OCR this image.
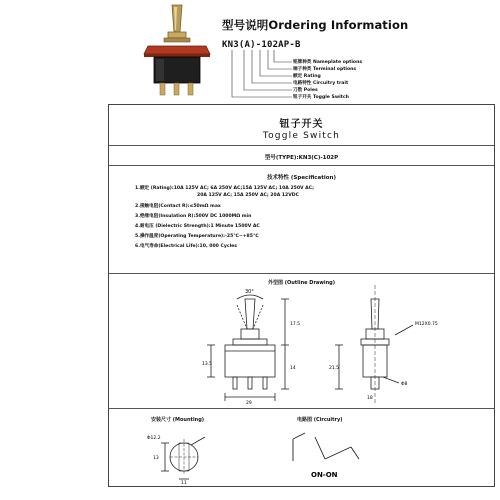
型号说明Ordering Information
KN3(A)-102AP-B
铭牌种类 Nameplate options
端子种类 Terminal options
额定 Rating
电路特性 Circuitry trait
刀数 Poles
钮子开关 Toggle Switch
钮子开关
Toggle Switch
型号(TYPE):KN3(C)-102P
技术特性 (Specification)
1.额定 (Rating):10A 125V AC; 6A 250V AC;15A 125V AC; 10A 250V AC;
20A 125V AC; 15A 250V AC; 20A 12VDC
2.接触电阻(Contact R):≤50mΩ max
3.绝缘电阻(Insulation R):500V DC 1000MΩ min
4.耐电压 (Dielectric Strength):1 Minute 1500V AC
5.操作温度(Operating Temperature):-25℃~+85℃
6.电气寿命(Electrical Life):10, 000 Cycles
外型图 (Outline Drawing)
30°
17.5
14
13.5
29
M12X0.75
21.5
Φ8
18
安装尺寸 (Mounting)	电路图 (Circuitry)
Φ12.2
13
11
ON-ON
